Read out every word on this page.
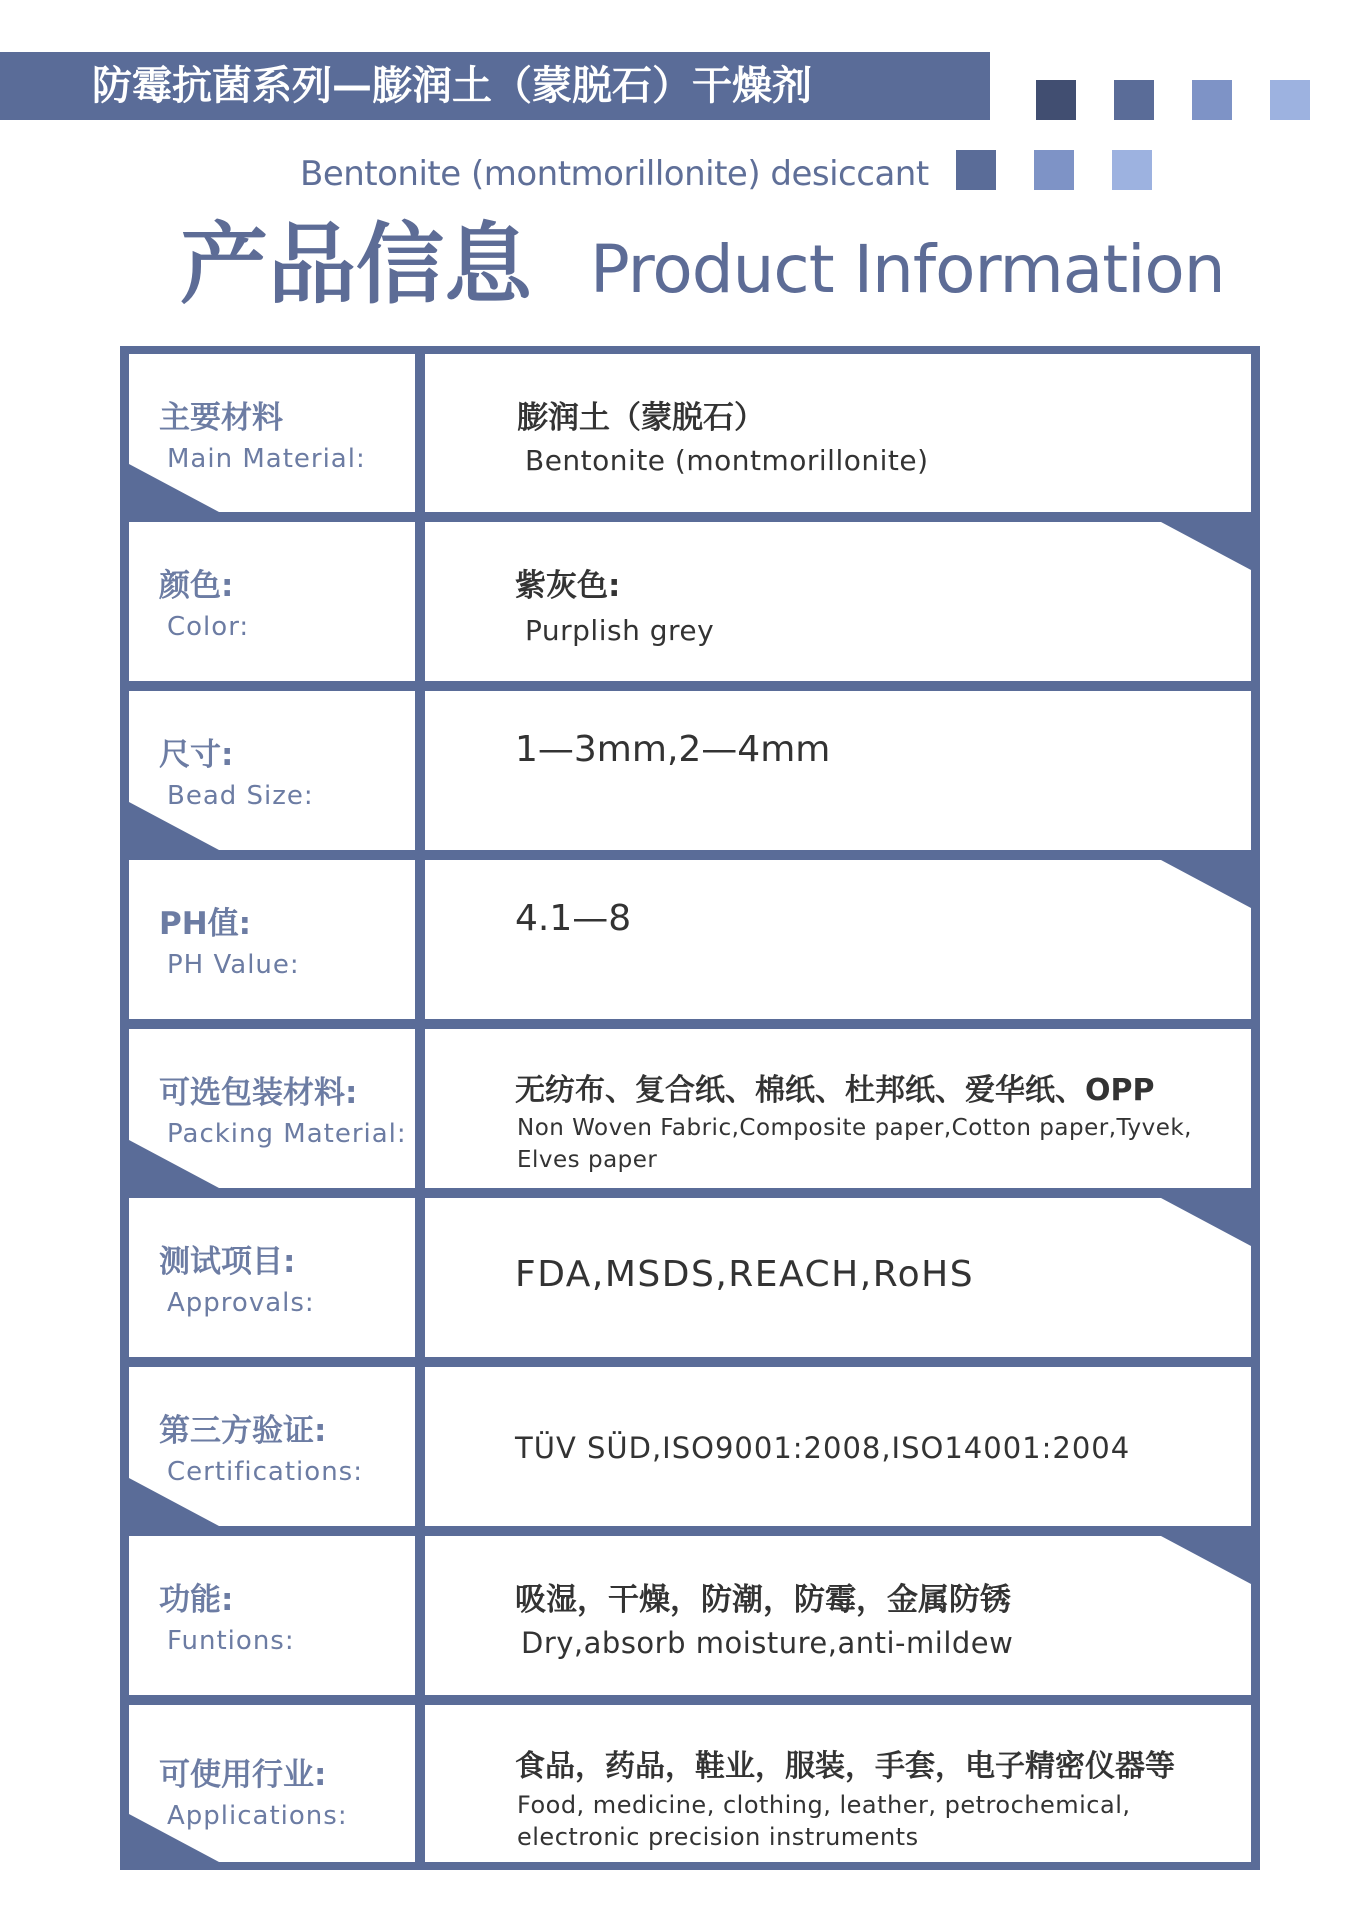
防霉抗菌系列—膨润土（蒙脱石）干燥剂
Bentonite (montmorillonite) desiccant
产品信息 Product Information
主要材料
Main Material:
膨润土（蒙脱石）
Bentonite (montmorillonite)
颜色:
Color:
紫灰色:
Purplish grey
尺寸:
Bead Size:
1—3mm,2—4mm
PH值:
PH Value:
4.1—8
可选包装材料:
Packing Material:
无纺布、复合纸、棉纸、杜邦纸、爱华纸、OPP
Non Woven Fabric,Composite paper,Cotton paper,Tyvek,
Elves paper
测试项目:
Approvals:
FDA,MSDS,REACH,RoHS
第三方验证:
Certifications:
TÜV SÜD,ISO9001:2008,ISO14001:2004
功能:
Funtions:
吸湿，干燥，防潮，防霉，金属防锈
Dry,absorb moisture,anti-mildew
可使用行业:
Applications:
食品，药品，鞋业，服装，手套，电子精密仪器等
Food, medicine, clothing, leather, petrochemical,
electronic precision instruments
